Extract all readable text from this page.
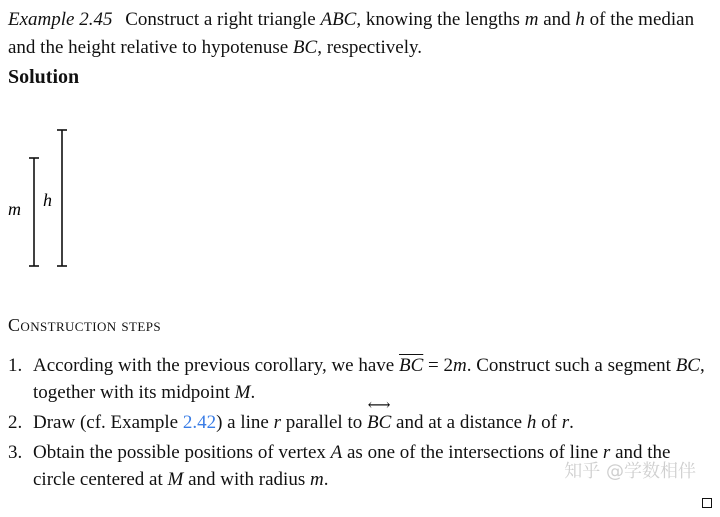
Example 2.45 Construct a right triangle ABC, knowing the lengths m and h of the median and the height relative to hypotenuse BC, respectively.

Solution

m h

Construction steps

1. According with the previous corollary, we have $\overline{BC} = 2m$. Construct such a segment BC, together with its midpoint M.
2. Draw (cf. Example 2.42) a line r parallel to ⟷ BC and at a distance h of r.
3. Obtain the possible positions of vertex A as one of the intersections of line r and the circle centered at M and with radius m.	知乎 @学数相伴
